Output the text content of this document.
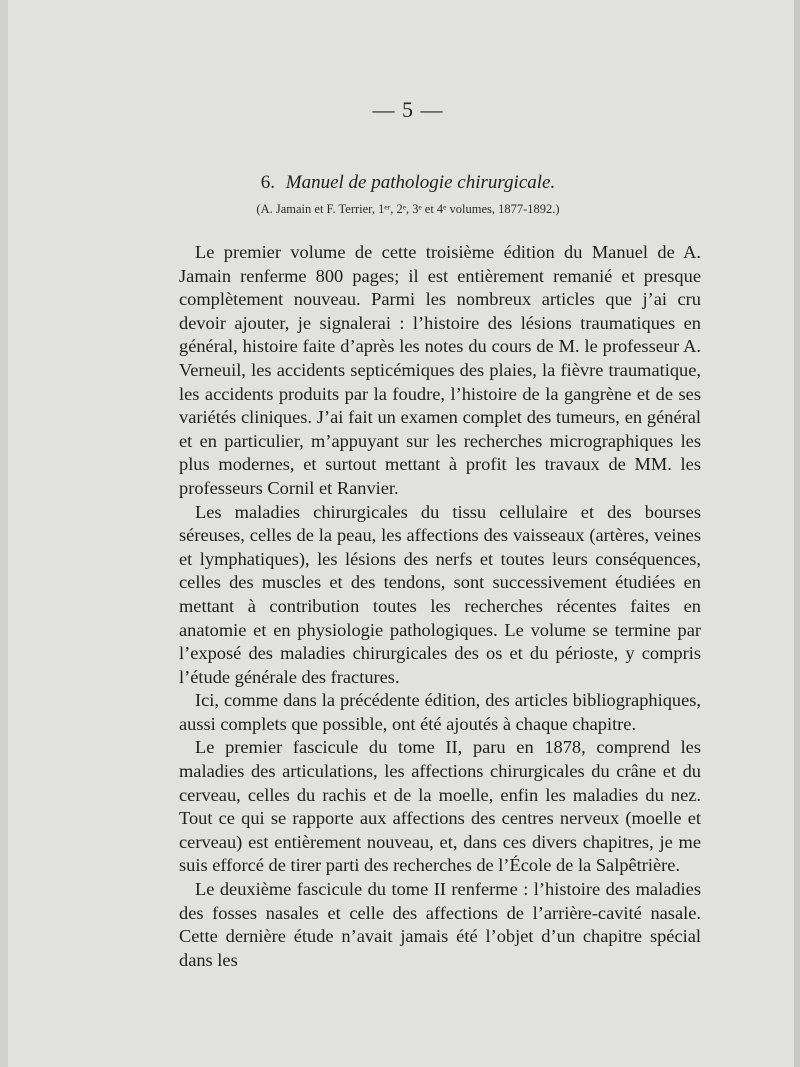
— 5 —
6. Manuel de pathologie chirurgicale.
(A. Jamain et F. Terrier, 1ᵉʳ, 2ᵉ, 3ᵉ et 4ᵉ volumes, 1877-1892.)

Le premier volume de cette troisième édition du Manuel de A. Jamain renferme 800 pages; il est entièrement remanié et presque complètement nouveau. Parmi les nombreux articles que j’ai cru devoir ajouter, je signalerai : l’histoire des lésions traumatiques en général, histoire faite d’après les notes du cours de M. le professeur A. Verneuil, les accidents septicémiques des plaies, la fièvre traumatique, les accidents produits par la foudre, l’histoire de la gangrène et de ses variétés cliniques. J’ai fait un examen complet des tumeurs, en général et en particulier, m’appuyant sur les recherches micrographiques les plus modernes, et surtout mettant à profit les travaux de MM. les professeurs Cornil et Ranvier.

Les maladies chirurgicales du tissu cellulaire et des bourses séreuses, celles de la peau, les affections des vaisseaux (artères, veines et lymphatiques), les lésions des nerfs et toutes leurs conséquences, celles des muscles et des tendons, sont successivement étudiées en mettant à contribution toutes les recherches récentes faites en anatomie et en physiologie pathologiques. Le volume se termine par l’exposé des maladies chirurgicales des os et du périoste, y compris l’étude générale des fractures.

Ici, comme dans la précédente édition, des articles bibliographiques, aussi complets que possible, ont été ajoutés à chaque chapitre.

Le premier fascicule du tome II, paru en 1878, comprend les maladies des articulations, les affections chirurgicales du crâne et du cerveau, celles du rachis et de la moelle, enfin les maladies du nez. Tout ce qui se rapporte aux affections des centres nerveux (moelle et cerveau) est entièrement nouveau, et, dans ces divers chapitres, je me suis efforcé de tirer parti des recherches de l’École de la Salpêtrière.

Le deuxième fascicule du tome II renferme : l’histoire des maladies des fosses nasales et celle des affections de l’arrière-cavité nasale. Cette dernière étude n’avait jamais été l’objet d’un chapitre spécial dans les
